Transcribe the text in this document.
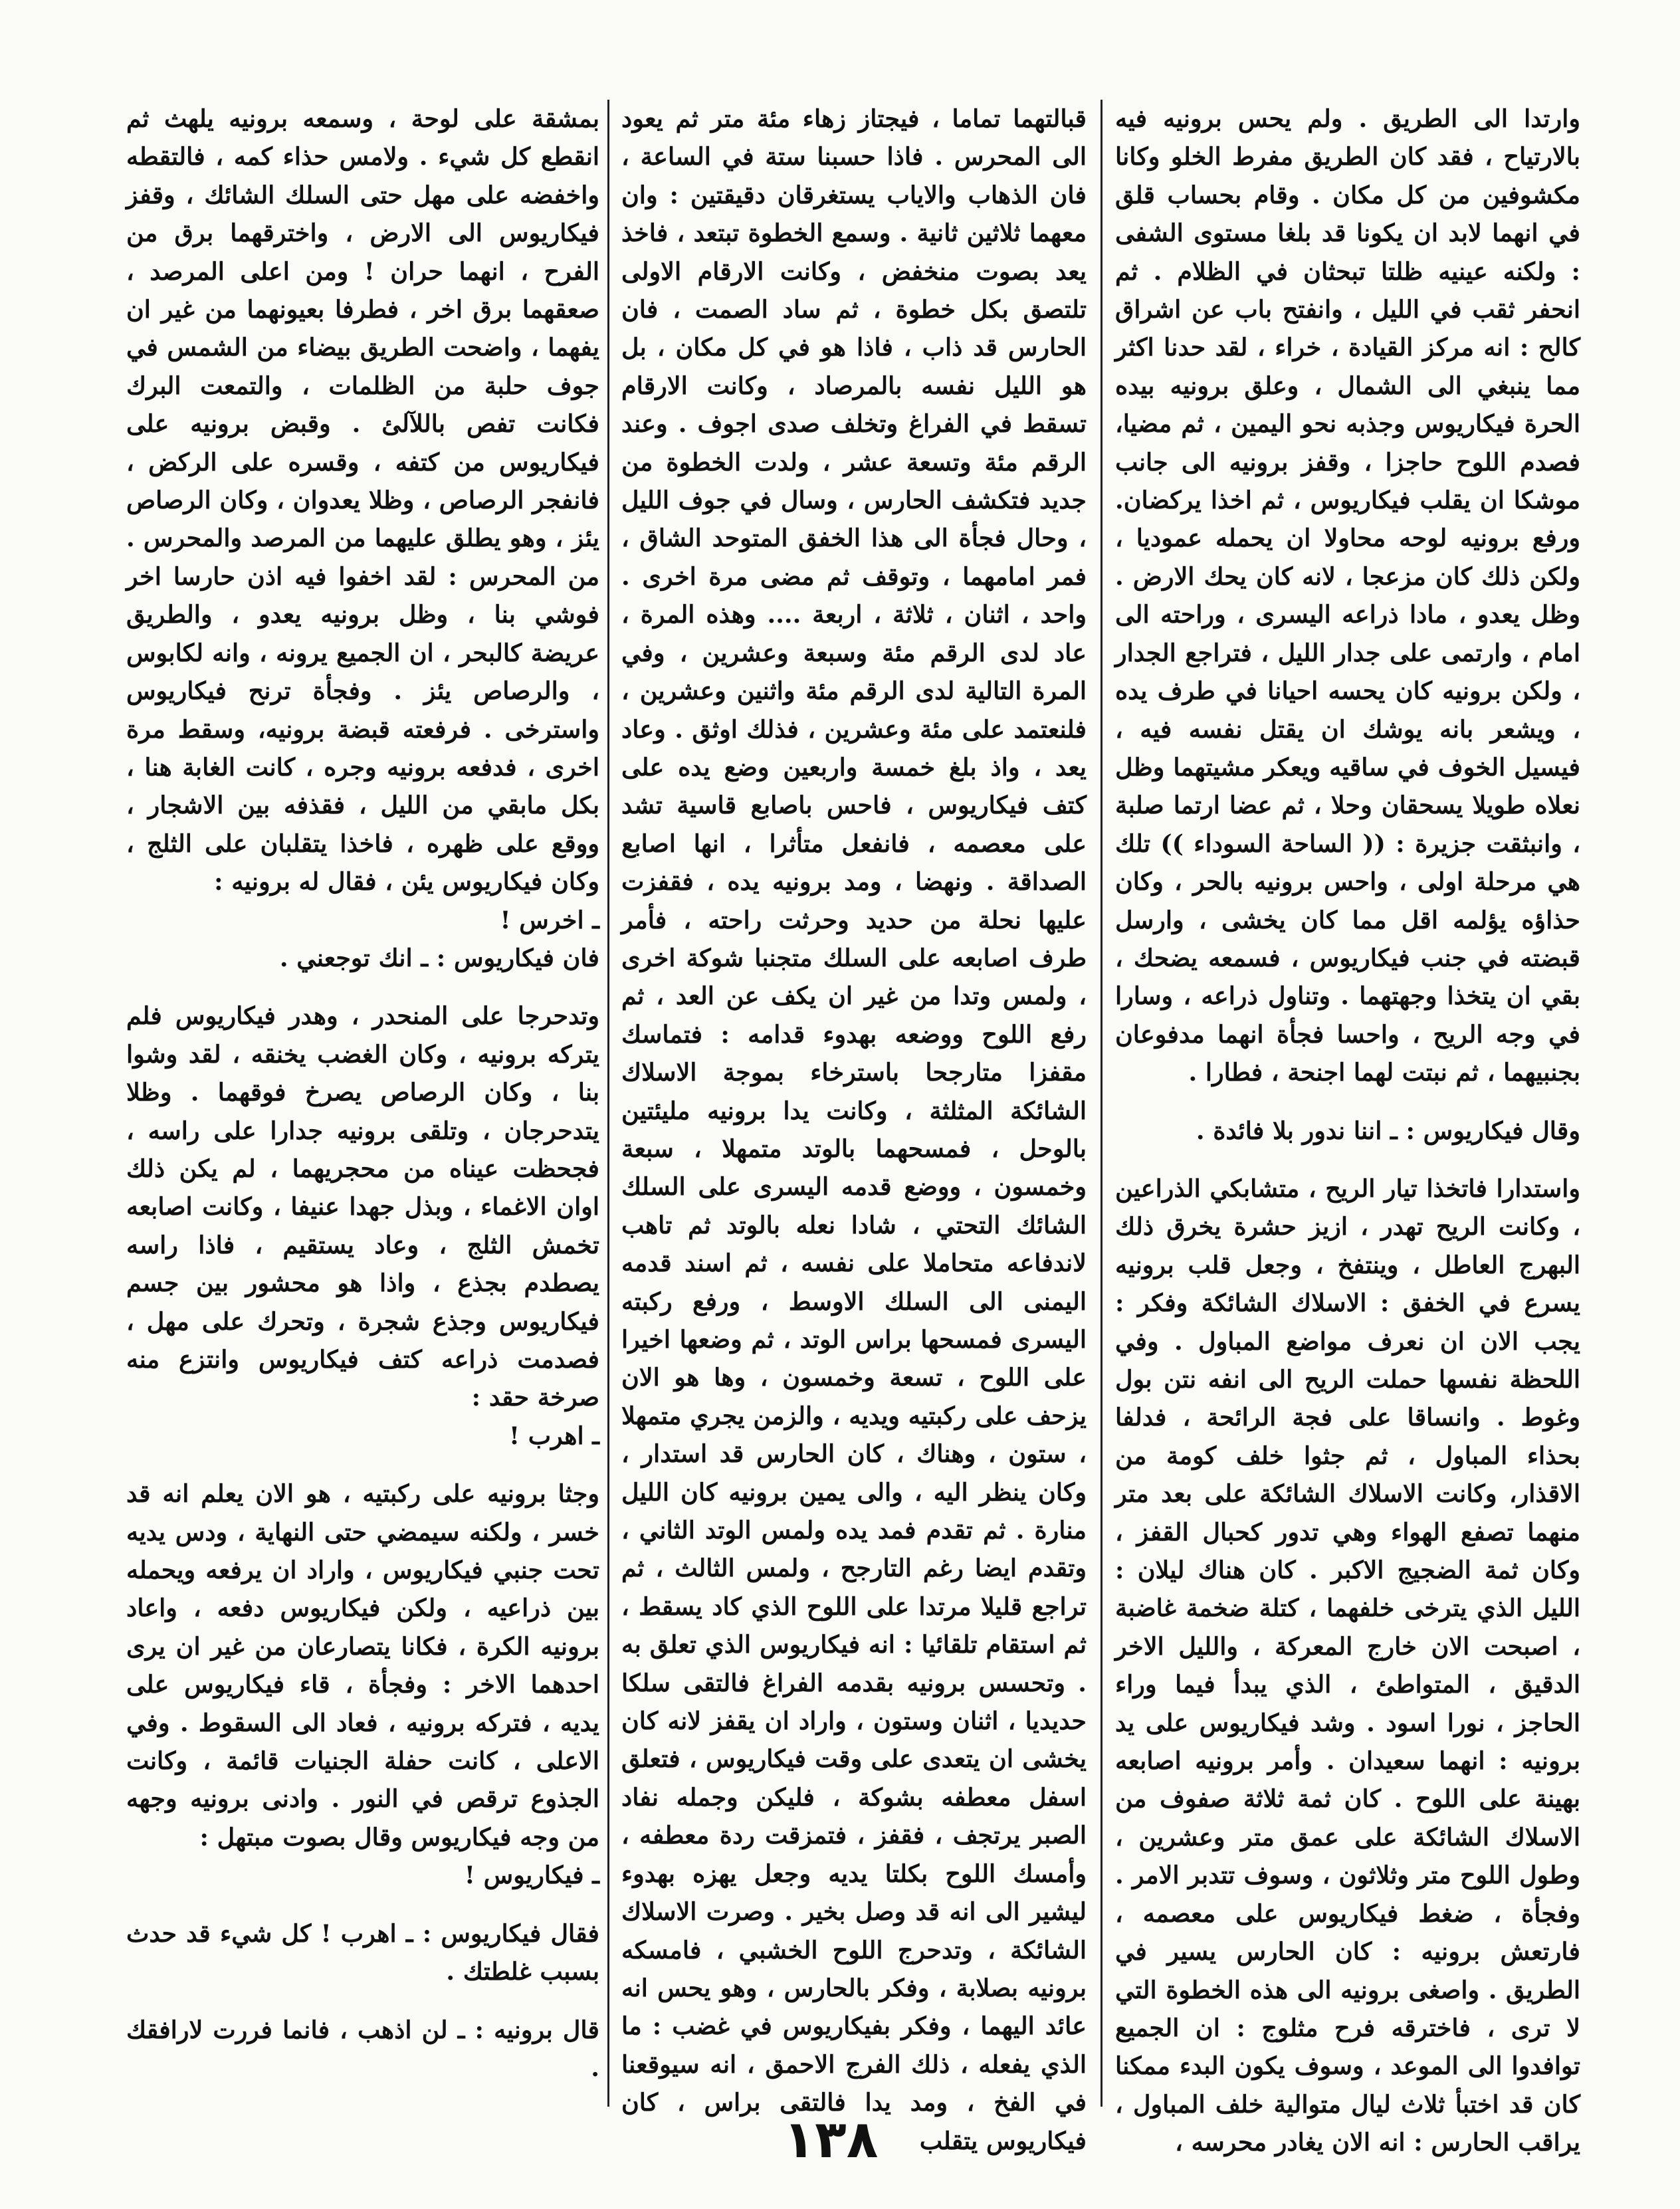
وارتدا الى الطريق . ولم يحس برونيه فيه بالارتياح ، فقد كان الطريق مفرط الخلو وكانا مكشوفين من كل مكان . وقام بحساب قلق في انهما لابد ان يكونا قد بلغا مستوى الشفى : ولكنه عينيه ظلتا تبحثان في الظلام . ثم انحفر ثقب في الليل ، وانفتح باب عن اشراق كالح : انه مركز القيادة ، خراء ، لقد حدنا اكثر مما ينبغي الى الشمال ، وعلق برونيه بيده الحرة فيكاريوس وجذبه نحو اليمين ، ثم مضيا، فصدم اللوح حاجزا ، وقفز برونيه الى جانب موشكا ان يقلب فيكاريوس ، ثم اخذا يركضان. ورفع برونيه لوحه محاولا ان يحمله عموديا ، ولكن ذلك كان مزعجا ، لانه كان يحك الارض . وظل يعدو ، مادا ذراعه اليسرى ، وراحته الى امام ، وارتمى على جدار الليل ، فتراجع الجدار ، ولكن برونيه كان يحسه احيانا في طرف يده ، ويشعر بانه يوشك ان يقتل نفسه فيه ، فيسيل الخوف في ساقيه ويعكر مشيتهما وظل نعلاه طويلا يسحقان وحلا ، ثم عضا ارتما صلبة ، وانبثقت جزيرة : (( الساحة السوداء )) تلك هي مرحلة اولى ، واحس برونيه بالحر ، وكان حذاؤه يؤلمه اقل مما كان يخشى ، وارسل قبضته في جنب فيكاريوس ، فسمعه يضحك ، بقي ان يتخذا وجهتهما . وتناول ذراعه ، وسارا في وجه الريح ، واحسا فجأة انهما مدفوعان بجنبيهما ، ثم نبتت لهما اجنحة ، فطارا .

وقال فيكاريوس : ـ اننا ندور بلا فائدة .

واستدارا فاتخذا تيار الريح ، متشابكي الذراعين ، وكانت الريح تهدر ، ازيز حشرة يخرق ذلك البهرج العاطل ، وينتفخ ، وجعل قلب برونيه يسرع في الخفق : الاسلاك الشائكة وفكر : يجب الان ان نعرف مواضع المباول . وفي اللحظة نفسها حملت الريح الى انفه نتن بول وغوط . وانساقا على فجة الرائحة ، فدلفا بحذاء المباول ، ثم جثوا خلف كومة من الاقذار، وكانت الاسلاك الشائكة على بعد متر منهما تصفع الهواء وهي تدور كحبال القفز ، وكان ثمة الضجيج الاكبر . كان هناك ليلان : الليل الذي يترخى خلفهما ، كتلة ضخمة غاضبة ، اصبحت الان خارج المعركة ، والليل الاخر الدقيق ، المتواطئ ، الذي يبدأ فيما وراء الحاجز ، نورا اسود . وشد فيكاريوس على يد برونيه : انهما سعيدان . وأمر برونيه اصابعه بهينة على اللوح . كان ثمة ثلاثة صفوف من الاسلاك الشائكة على عمق متر وعشرين ، وطول اللوح متر وثلاثون ، وسوف تتدبر الامر . وفجأة ، ضغط فيكاريوس على معصمه ، فارتعش برونيه : كان الحارس يسير في الطريق . واصغى برونيه الى هذه الخطوة التي لا ترى ، فاخترقه فرح مثلوج : ان الجميع توافدوا الى الموعد ، وسوف يكون البدء ممكنا كان قد اختبأ ثلاث ليال متوالية خلف المباول ، يراقب الحارس : انه الان يغادر محرسه ،

قبالتهما تماما ، فيجتاز زهاء مئة متر ثم يعود الى المحرس . فاذا حسبنا ستة في الساعة ، فان الذهاب والاياب يستغرقان دقيقتين : وان معهما ثلاثين ثانية . وسمع الخطوة تبتعد ، فاخذ يعد بصوت منخفض ، وكانت الارقام الاولى تلتصق بكل خطوة ، ثم ساد الصمت ، فان الحارس قد ذاب ، فاذا هو في كل مكان ، بل هو الليل نفسه بالمرصاد ، وكانت الارقام تسقط في الفراغ وتخلف صدى اجوف . وعند الرقم مئة وتسعة عشر ، ولدت الخطوة من جديد فتكشف الحارس ، وسال في جوف الليل ، وحال فجأة الى هذا الخفق المتوحد الشاق ، فمر امامهما ، وتوقف ثم مضى مرة اخرى . واحد ، اثنان ، ثلاثة ، اربعة .... وهذه المرة ، عاد لدى الرقم مئة وسبعة وعشرين ، وفي المرة التالية لدى الرقم مئة واثنين وعشرين ، فلنعتمد على مئة وعشرين ، فذلك اوثق . وعاد يعد ، واذ بلغ خمسة واربعين وضع يده على كتف فيكاريوس ، فاحس باصابع قاسية تشد على معصمه ، فانفعل متأثرا ، انها اصابع الصداقة . ونهضا ، ومد برونيه يده ، فقفزت عليها نحلة من حديد وحرثت راحته ، فأمر طرف اصابعه على السلك متجنبا شوكة اخرى ، ولمس وتدا من غير ان يكف عن العد ، ثم رفع اللوح ووضعه بهدوء قدامه : فتماسك مقفزا متارجحا باسترخاء بموجة الاسلاك الشائكة المثلثة ، وكانت يدا برونيه مليئتين بالوحل ، فمسحهما بالوتد متمهلا ، سبعة وخمسون ، ووضع قدمه اليسرى على السلك الشائك التحتي ، شادا نعله بالوتد ثم تاهب لاندفاعه متحاملا على نفسه ، ثم اسند قدمه اليمنى الى السلك الاوسط ، ورفع ركبته اليسرى فمسحها براس الوتد ، ثم وضعها اخيرا على اللوح ، تسعة وخمسون ، وها هو الان يزحف على ركبتيه ويديه ، والزمن يجري متمهلا ، ستون ، وهناك ، كان الحارس قد استدار ، وكان ينظر اليه ، والى يمين برونيه كان الليل منارة . ثم تقدم فمد يده ولمس الوتد الثاني ، وتقدم ايضا رغم التارجح ، ولمس الثالث ، ثم تراجع قليلا مرتدا على اللوح الذي كاد يسقط ، ثم استقام تلقائيا : انه فيكاريوس الذي تعلق به . وتحسس برونيه بقدمه الفراغ فالتقى سلكا حديديا ، اثنان وستون ، واراد ان يقفز لانه كان يخشى ان يتعدى على وقت فيكاريوس ، فتعلق اسفل معطفه بشوكة ، فليكن وجمله نفاد الصبر يرتجف ، فقفز ، فتمزقت ردة معطفه ، وأمسك اللوح بكلتا يديه وجعل يهزه بهدوء ليشير الى انه قد وصل بخير . وصرت الاسلاك الشائكة ، وتدحرج اللوح الخشبي ، فامسكه برونيه بصلابة ، وفكر بالحارس ، وهو يحس انه عائد اليهما ، وفكر بفيكاريوس في غضب : ما الذي يفعله ، ذلك الفرج الاحمق ، انه سيوقعنا في الفخ ، ومد يدا فالتقى براس ، كان فيكاريوس يتقلب

بمشقة على لوحة ، وسمعه برونيه يلهث ثم انقطع كل شيء . ولامس حذاء كمه ، فالتقطه واخفضه على مهل حتى السلك الشائك ، وقفز فيكاريوس الى الارض ، واخترقهما برق من الفرح ، انهما حران ! ومن اعلى المرصد ، صعقهما برق اخر ، فطرفا بعيونهما من غير ان يفهما ، واضحت الطريق بيضاء من الشمس في جوف حلبة من الظلمات ، والتمعت البرك فكانت تفص باللآلئ . وقبض برونيه على فيكاريوس من كتفه ، وقسره على الركض ، فانفجر الرصاص ، وظلا يعدوان ، وكان الرصاص يئز ، وهو يطلق عليهما من المرصد والمحرس . من المحرس : لقد اخفوا فيه اذن حارسا اخر فوشي بنا ، وظل برونيه يعدو ، والطريق عريضة كالبحر ، ان الجميع يرونه ، وانه لكابوس ، والرصاص يئز . وفجأة ترنح فيكاريوس واسترخى . فرفعته قبضة برونيه، وسقط مرة اخرى ، فدفعه برونيه وجره ، كانت الغابة هنا ، بكل مابقي من الليل ، فقذفه بين الاشجار ، ووقع على ظهره ، فاخذا يتقلبان على الثلج ، وكان فيكاريوس يئن ، فقال له برونيه :

ـ اخرس !

فان فيكاريوس : ـ انك توجعني .

وتدحرجا على المنحدر ، وهدر فيكاريوس فلم يتركه برونيه ، وكان الغضب يخنقه ، لقد وشوا بنا ، وكان الرصاص يصرخ فوقهما . وظلا يتدحرجان ، وتلقى برونيه جدارا على راسه ، فجحظت عيناه من محجريهما ، لم يكن ذلك اوان الاغماء ، وبذل جهدا عنيفا ، وكانت اصابعه تخمش الثلج ، وعاد يستقيم ، فاذا راسه يصطدم بجذع ، واذا هو محشور بين جسم فيكاريوس وجذع شجرة ، وتحرك على مهل ، فصدمت ذراعه كتف فيكاريوس وانتزع منه صرخة حقد :

ـ اهرب !

وجثا برونيه على ركبتيه ، هو الان يعلم انه قد خسر ، ولكنه سيمضي حتى النهاية ، ودس يديه تحت جنبي فيكاريوس ، واراد ان يرفعه ويحمله بين ذراعيه ، ولكن فيكاريوس دفعه ، واعاد برونيه الكرة ، فكانا يتصارعان من غير ان يرى احدهما الاخر : وفجأة ، قاء فيكاريوس على يديه ، فتركه برونيه ، فعاد الى السقوط . وفي الاعلى ، كانت حفلة الجنيات قائمة ، وكانت الجذوع ترقص في النور . وادنى برونيه وجهه من وجه فيكاريوس وقال بصوت مبتهل :

ـ فيكاريوس !

فقال فيكاريوس : ـ اهرب ! كل شيء قد حدث بسبب غلطتك .

قال برونيه : ـ لن اذهب ، فانما فررت لارافقك .

١٣٨
